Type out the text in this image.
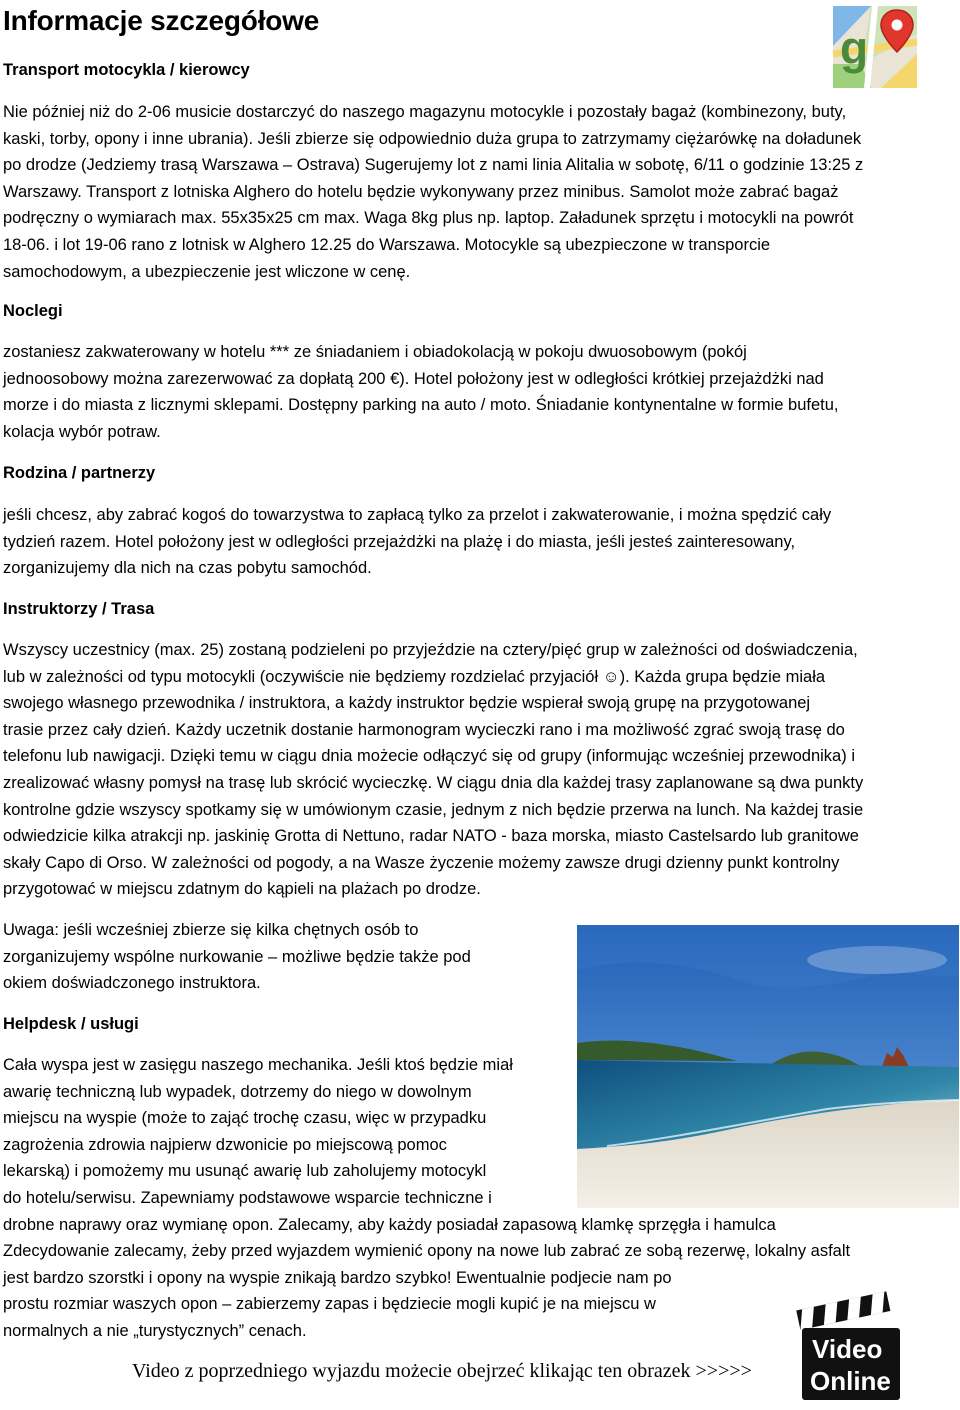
Informacje szczegółowe
g
Transport motocykla / kierowcy

Nie później niż do 2-06 musicie dostarczyć do naszego magazynu motocykle i pozostały bagaż (kombinezony, buty,
kaski, torby, opony i inne ubrania). Jeśli zbierze się odpowiednio duża grupa to zatrzymamy ciężarówkę na doładunek
po drodze (Jedziemy trasą Warszawa – Ostrava) Sugerujemy lot z nami linia Alitalia w sobotę, 6/11 o godzinie 13:25 z
Warszawy. Transport z lotniska Alghero do hotelu będzie wykonywany przez minibus. Samolot może zabrać bagaż
podręczny o wymiarach max. 55x35x25 cm max. Waga 8kg plus np. laptop. Załadunek sprzętu i motocykli na powrót
18-06. i lot 19-06 rano z lotnisk w Alghero 12.25 do Warszawa. Motocykle są ubezpieczone w transporcie
samochodowym, a ubezpieczenie jest wliczone w cenę.

Noclegi

zostaniesz zakwaterowany w hotelu *** ze śniadaniem i obiadokolacją w pokoju dwuosobowym (pokój
jednoosobowy można zarezerwować za dopłatą 200 €). Hotel położony jest w odległości krótkiej przejażdżki nad
morze i do miasta z licznymi sklepami. Dostępny parking na auto / moto. Śniadanie kontynentalne w formie bufetu,
kolacja wybór potraw.

Rodzina / partnerzy

jeśli chcesz, aby zabrać kogoś do towarzystwa to zapłacą tylko za przelot i zakwaterowanie, i można spędzić cały
tydzień razem. Hotel położony jest w odległości przejażdżki na plażę i do miasta, jeśli jesteś zainteresowany,
zorganizujemy dla nich na czas pobytu samochód.

Instruktorzy / Trasa

Wszyscy uczestnicy (max. 25) zostaną podzieleni po przyjeździe na cztery/pięć grup w zależności od doświadczenia,
lub w zależności od typu motocykli (oczywiście nie będziemy rozdzielać przyjaciół ☺). Każda grupa będzie miała
swojego własnego przewodnika / instruktora, a każdy instruktor będzie wspierał swoją grupę na przygotowanej
trasie przez cały dzień. Każdy uczetnik dostanie harmonogram wycieczki rano i ma możliwość zgrać swoją trasę do
telefonu lub nawigacji. Dzięki temu w ciągu dnia możecie odłączyć się od grupy (informując wcześniej przewodnika) i
zrealizować własny pomysł na trasę lub skrócić wycieczkę. W ciągu dnia dla każdej trasy zaplanowane są dwa punkty
kontrolne gdzie wszyscy spotkamy się w umówionym czasie, jednym z nich będzie przerwa na lunch. Na każdej trasie
odwiedzicie kilka atrakcji np. jaskinię Grotta di Nettuno, radar NATO - baza morska, miasto Castelsardo lub granitowe
skały Capo di Orso. W zależności od pogody, a na Wasze życzenie możemy zawsze drugi dzienny punkt kontrolny
przygotować w miejscu zdatnym do kąpieli na plażach po drodze.

Uwaga: jeśli wcześniej zbierze się kilka chętnych osób to
zorganizujemy wspólne nurkowanie – możliwe będzie także pod
okiem doświadczonego instruktora.

Helpdesk / usługi

Cała wyspa jest w zasięgu naszego mechanika. Jeśli ktoś będzie miał
awarię techniczną lub wypadek, dotrzemy do niego w dowolnym
miejscu na wyspie (może to zająć trochę czasu, więc w przypadku
zagrożenia zdrowia najpierw dzwonicie po miejscową pomoc
lekarską) i pomożemy mu usunąć awarię lub zaholujemy motocykl
do hotelu/serwisu. Zapewniamy podstawowe wsparcie techniczne i
drobne naprawy oraz wymianę opon. Zalecamy, aby każdy posiadał zapasową klamkę sprzęgła i hamulca
Zdecydowanie zalecamy, żeby przed wyjazdem wymienić opony na nowe lub zabrać ze sobą rezerwę, lokalny asfalt
jest bardzo szorstki i opony na wyspie znikają bardzo szybko! Ewentualnie podjecie nam po
prostu rozmiar waszych opon – zabierzemy zapas i będziecie mogli kupić je na miejscu w
normalnych a nie „turystycznych” cenach.

Video
Online
Video z poprzedniego wyjazdu możecie obejrzeć klikając ten obrazek >>>>>
